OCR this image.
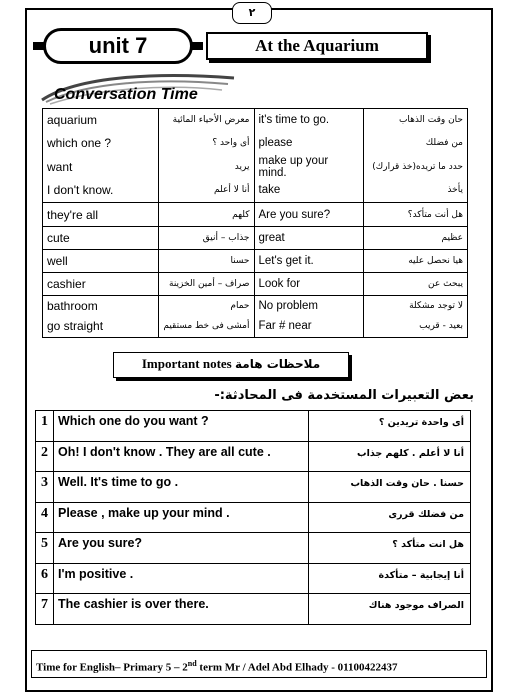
٢
unit 7	At the Aquarium
Conversation Time
aquarium	معرض الأحياء المائية	it's time to go.	حان وقت الذهاب
which one ?	أى واحد ؟	please	من فضلك
want	يريد	make up your mind.	حدد ما تريده(خذ قرارك)
I don't know.	أنا لا أعلم	take	يأخذ
they're all	كلهم	Are you sure?	هل أنت متأكد؟
cute	جذاب – أنيق	great	عظيم
well	حسنا	Let's get it.	هيا نحصل عليه
cashier	صراف – أمين الخزينة	Look for	يبحث عن
bathroom	حمام	No problem	لا توجد مشكلة
go straight	أمشى فى خط مستقيم	Far # near	بعيد - قريب
Important notes ملاحظات هامة
بعض التعبيرات المستخدمة فى المحادثة:-
1	Which one do you want ?	أى واحدة تريدين ؟
2	Oh! I don't know . They are all cute .	أنا لا أعلم . كلهم جذاب
3	Well. It's time to go .	حسنا . حان وقت الذهاب
4	Please , make up your mind .	من فضلك قررى
5	Are you sure?	هل انت متأكد ؟
6	I'm positive .	أنا إيجابية – متأكدة
7	The cashier is over there.	الصراف موجود هناك
Time for English– Primary 5 – 2nd term Mr / Adel Abd Elhady - 01100422437
